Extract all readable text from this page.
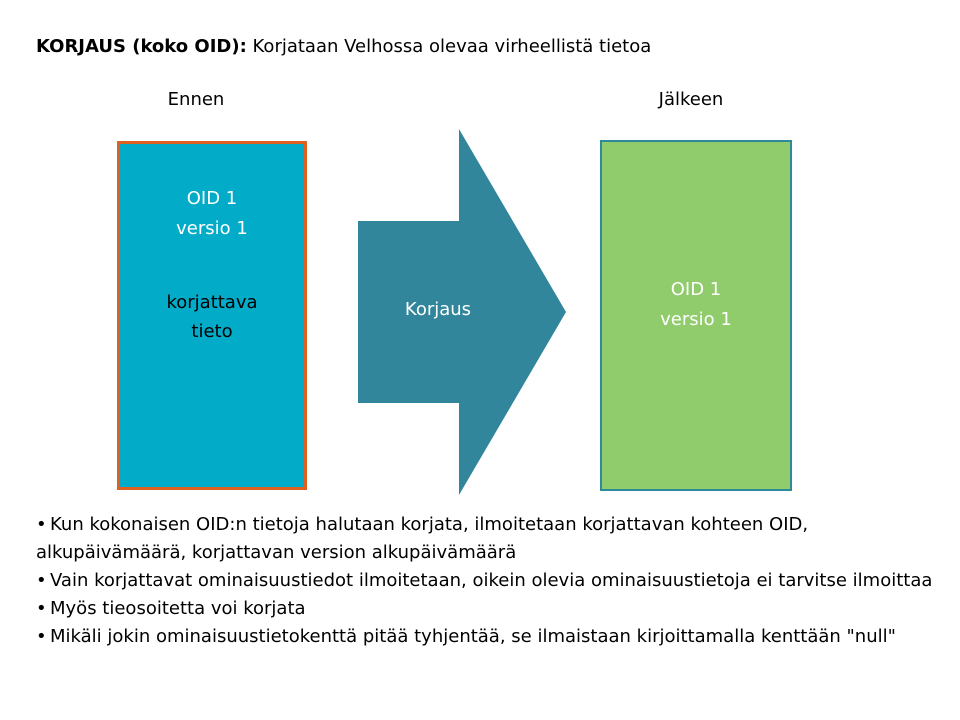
KORJAUS (koko OID): Korjataan Velhossa olevaa virheellistä tietoa
Ennen	Jälkeen
OID 1
versio 1
korjattava
tieto
Korjaus
OID 1
versio 1
• Kun kokonaisen OID:n tietoja halutaan korjata, ilmoitetaan korjattavan kohteen OID, alkupäivämäärä, korjattavan version alkupäivämäärä
• Vain korjattavat ominaisuustiedot ilmoitetaan, oikein olevia ominaisuustietoja ei tarvitse ilmoittaa
• Myös tieosoitetta voi korjata
• Mikäli jokin ominaisuustietokenttä pitää tyhjentää, se ilmaistaan kirjoittamalla kenttään "null"
